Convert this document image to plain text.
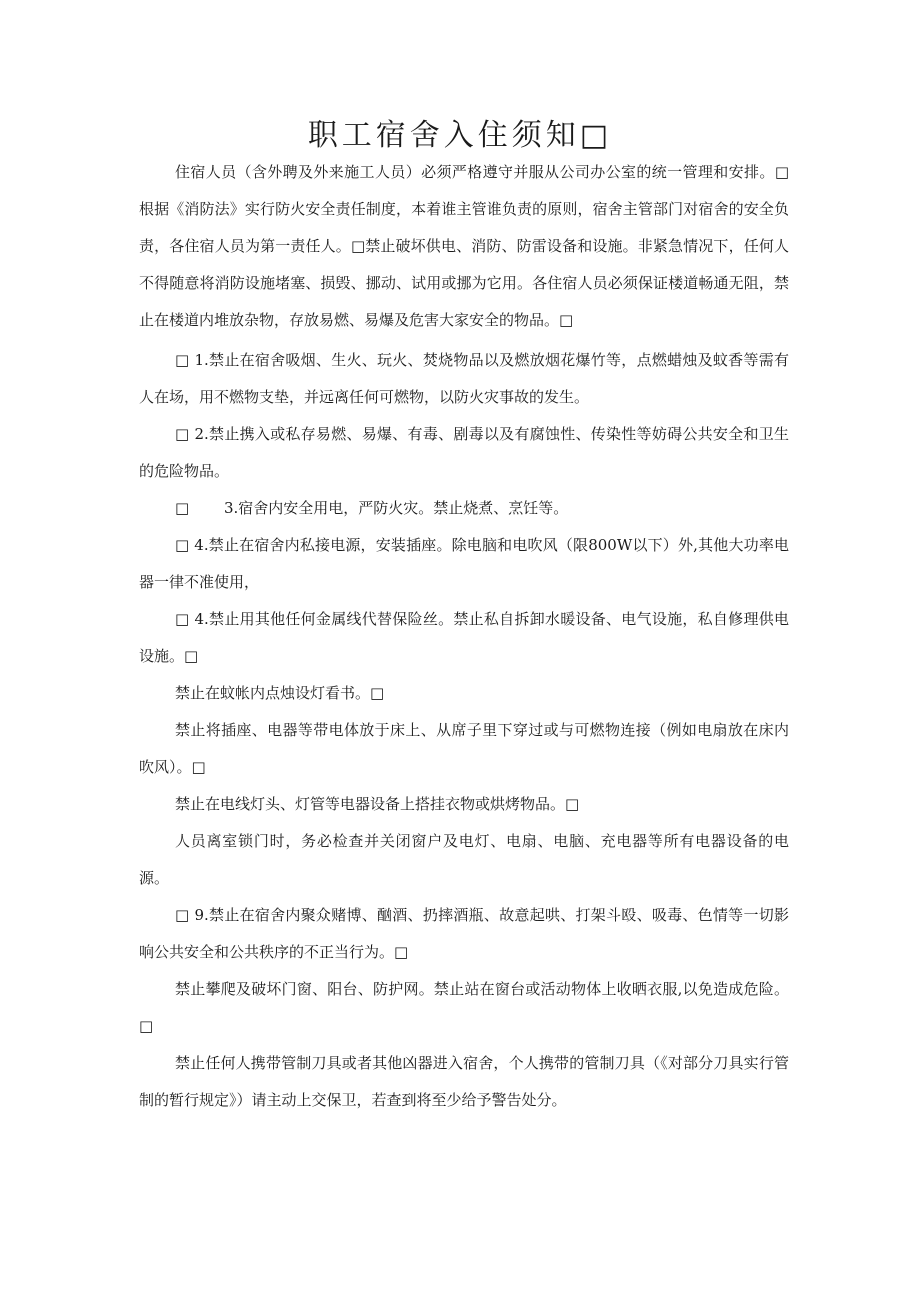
职工宿舍入住须知□

住宿人员（含外聘及外来施工人员）必须严格遵守并服从公司办公室的统一管理和安排。□根据《消防法》实行防火安全责任制度，本着谁主管谁负责的原则，宿舍主管部门对宿舍的安全负责，各住宿人员为第一责任人。□禁止破坏供电、消防、防雷设备和设施。非紧急情况下，任何人不得随意将消防设施堵塞、损毁、挪动、试用或挪为它用。各住宿人员必须保证楼道畅通无阻，禁止在楼道内堆放杂物，存放易燃、易爆及危害大家安全的物品。□

□ 1.禁止在宿舍吸烟、生火、玩火、焚烧物品以及燃放烟花爆竹等，点燃蜡烛及蚊香等需有人在场，用不燃物支垫，并远离任何可燃物，以防火灾事故的发生。

□ 2.禁止携入或私存易燃、易爆、有毒、剧毒以及有腐蚀性、传染性等妨碍公共安全和卫生的危险物品。

□ 　　3.宿舍内安全用电，严防火灾。禁止烧煮、烹饪等。

□ 4.禁止在宿舍内私接电源，安装插座。除电脑和电吹风（限800W以下）外,其他大功率电器一律不准使用，

□ 4.禁止用其他任何金属线代替保险丝。禁止私自拆卸水暖设备、电气设施，私自修理供电设施。□

禁止在蚊帐内点烛设灯看书。□

禁止将插座、电器等带电体放于床上、从席子里下穿过或与可燃物连接（例如电扇放在床内吹风）。□

禁止在电线灯头、灯管等电器设备上搭挂衣物或烘烤物品。□

人员离室锁门时，务必检查并关闭窗户及电灯、电扇、电脑、充电器等所有电器设备的电源。

□ 9.禁止在宿舍内聚众赌博、酗酒、扔摔酒瓶、故意起哄、打架斗殴、吸毒、色情等一切影响公共安全和公共秩序的不正当行为。□

禁止攀爬及破坏门窗、阳台、防护网。禁止站在窗台或活动物体上收晒衣服,以免造成危险。□

禁止任何人携带管制刀具或者其他凶器进入宿舍，个人携带的管制刀具（《对部分刀具实行管制的暂行规定》）请主动上交保卫，若查到将至少给予警告处分。
